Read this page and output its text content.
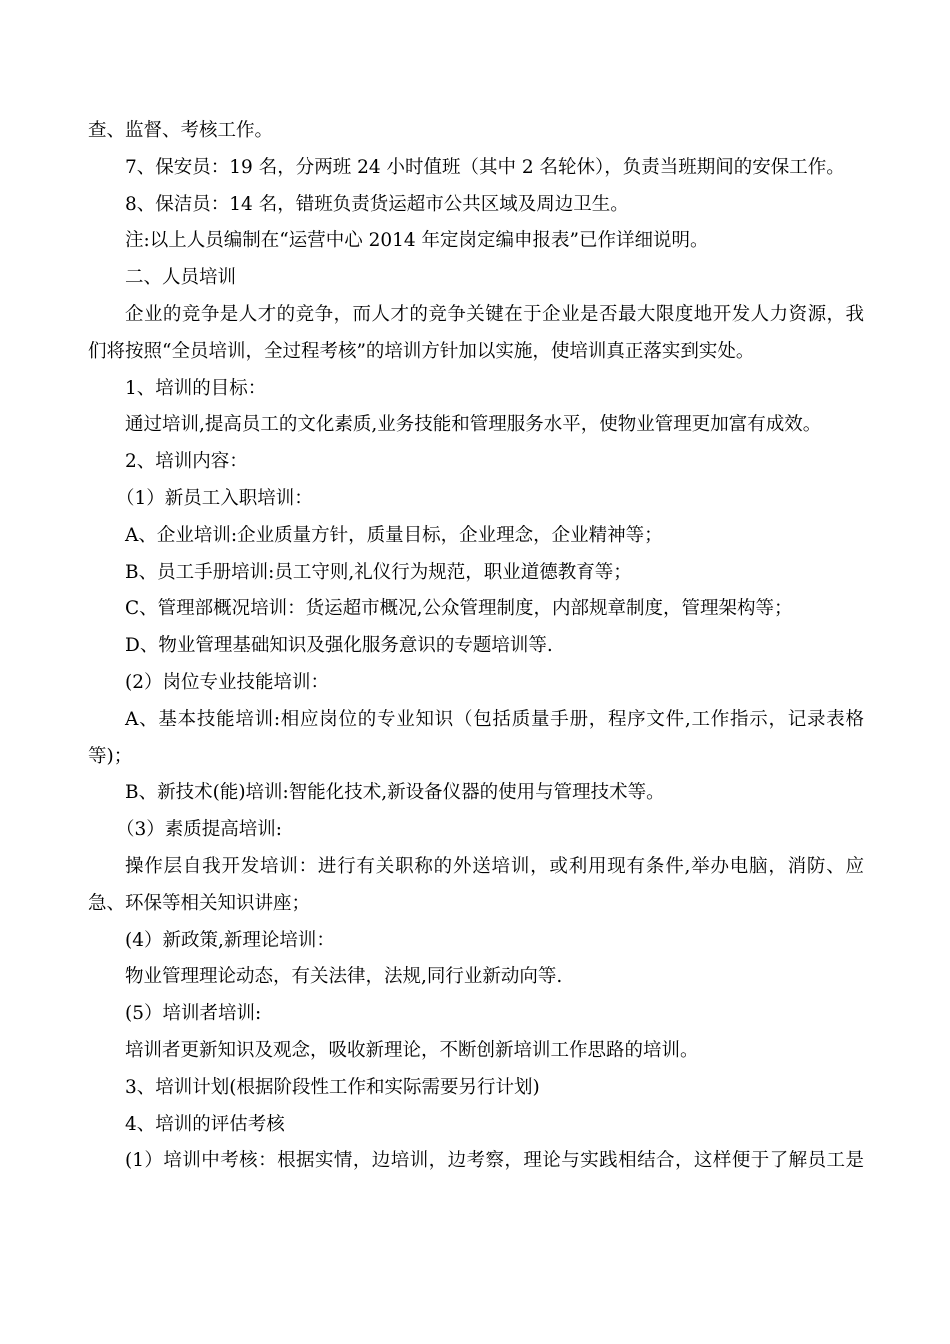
查、监督、考核工作。
7、保安员：19 名，分两班 24 小时值班（其中 2 名轮休），负责当班期间的安保工作。
8、保洁员：14 名，错班负责货运超市公共区域及周边卫生。
注:以上人员编制在“运营中心 2014 年定岗定编申报表”已作详细说明。
二、人员培训
企业的竞争是人才的竞争，而人才的竞争关键在于企业是否最大限度地开发人力资源，我
们将按照“全员培训，全过程考核”的培训方针加以实施，使培训真正落实到实处。
1、培训的目标：
通过培训,提高员工的文化素质,业务技能和管理服务水平，使物业管理更加富有成效。
2、培训内容：
（1）新员工入职培训：
A、企业培训:企业质量方针，质量目标，企业理念，企业精神等；
B、员工手册培训:员工守则,礼仪行为规范，职业道德教育等；
C、管理部概况培训：货运超市概况,公众管理制度，内部规章制度，管理架构等；
D、物业管理基础知识及强化服务意识的专题培训等.
(2）岗位专业技能培训：
A、基本技能培训:相应岗位的专业知识（包括质量手册，程序文件,工作指示，记录表格
等)；
B、新技术(能)培训:智能化技术,新设备仪器的使用与管理技术等。
（3）素质提高培训:
操作层自我开发培训：进行有关职称的外送培训，或利用现有条件,举办电脑，消防、应
急、环保等相关知识讲座；
(4）新政策,新理论培训：
物业管理理论动态，有关法律，法规,同行业新动向等.
(5）培训者培训:
培训者更新知识及观念，吸收新理论，不断创新培训工作思路的培训。
3、培训计划(根据阶段性工作和实际需要另行计划)
4、培训的评估考核
(1）培训中考核：根据实情，边培训，边考察，理论与实践相结合，这样便于了解员工是
